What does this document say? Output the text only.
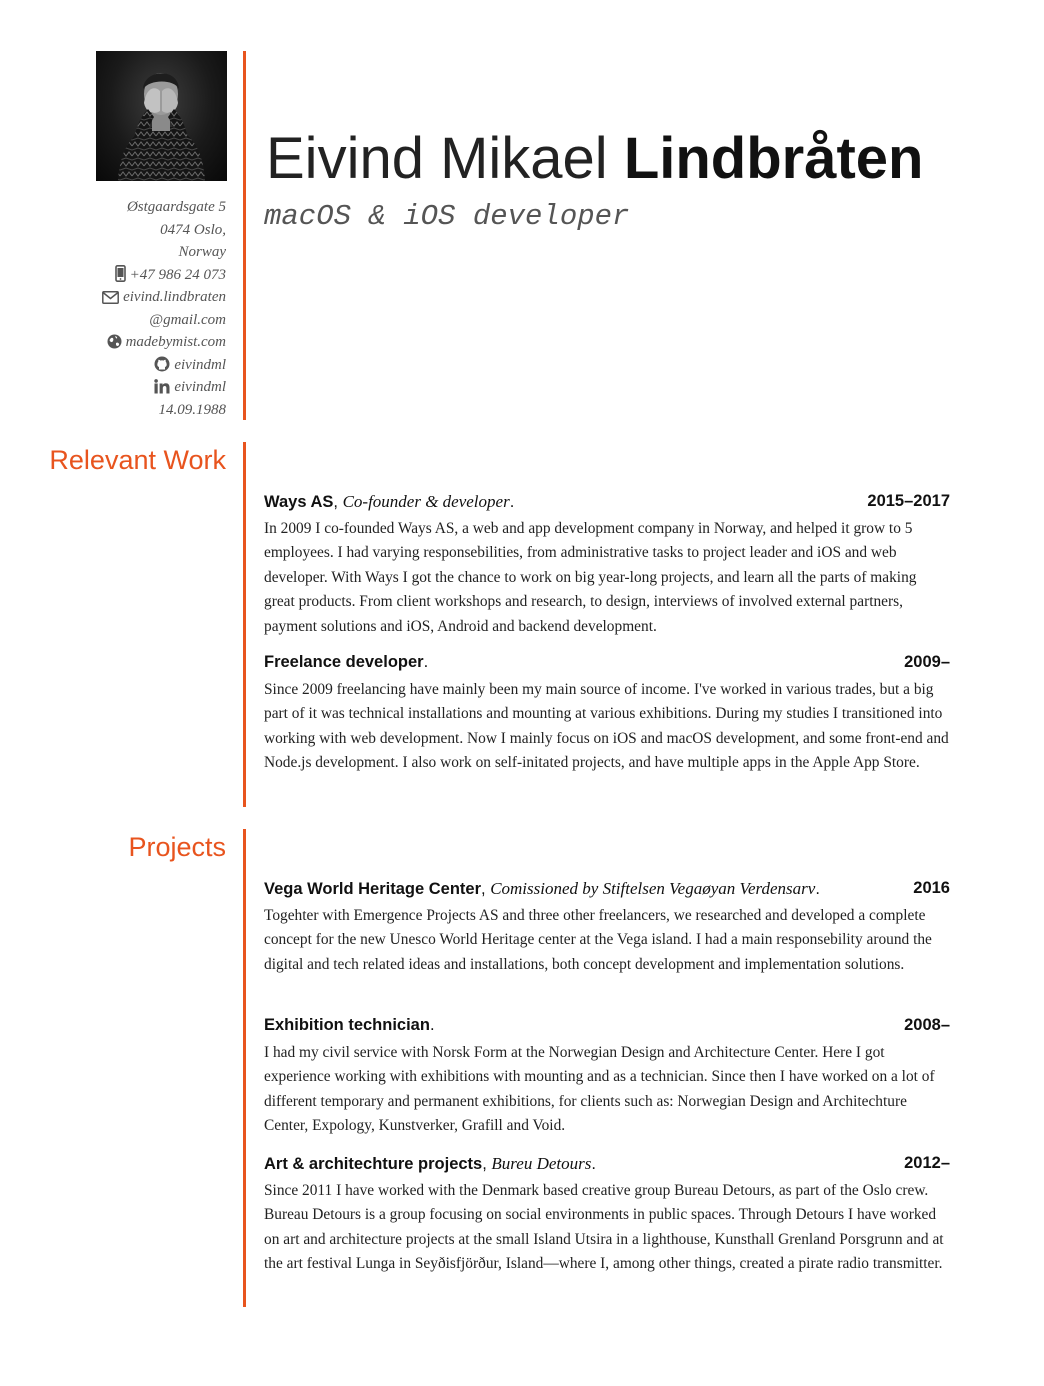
Østgaardsgate 5
0474 Oslo,
Norway
+47 986 24 073
eivind.lindbraten
@gmail.com
madebymist.com
eivindml
eivindml
14.09.1988
Eivind Mikael Lindbråten
macOS & iOS developer
Relevant Work
Ways AS, Co-founder & developer.	2015–2017

In 2009 I co-founded Ways AS, a web and app development company in Norway, and helped it grow to 5 employees. I had varying responsebilities, from administrative tasks to project leader and iOS and web developer. With Ways I got the chance to work on big year-long projects, and learn all the parts of making great products. From client workshops and research, to design, interviews of involved external partners, payment solutions and iOS, Android and backend development.

Freelance developer.	2009–

Since 2009 freelancing have mainly been my main source of income. I've worked in various trades, but a big part of it was technical installations and mounting at various exhibitions. During my studies I transitioned into working with web development. Now I mainly focus on iOS and macOS development, and some front-end and Node.js development. I also work on self-initated projects, and have multiple apps in the Apple App Store.

Projects
Vega World Heritage Center, Comissioned by Stiftelsen Vegaøyan Verdensarv.	2016

Togehter with Emergence Projects AS and three other freelancers, we researched and developed a complete concept for the new Unesco World Heritage center at the Vega island. I had a main responsebility around the digital and tech related ideas and installations, both concept development and implementation solutions.

Exhibition technician.	2008–

I had my civil service with Norsk Form at the Norwegian Design and Architecture Center. Here I got experience working with exhibitions with mounting and as a technician. Since then I have worked on a lot of different temporary and permanent exhibitions, for clients such as: Norwegian Design and Architechture Center, Expology, Kunstverker, Grafill and Void.

Art & architechture projects, Bureu Detours.	2012–

Since 2011 I have worked with the Denmark based creative group Bureau Detours, as part of the Oslo crew. Bureau Detours is a group focusing on social environments in public spaces. Through Detours I have worked on art and architecture projects at the small Island Utsira in a lighthouse, Kunsthall Grenland Porsgrunn and at the art festival Lunga in Seyðisfjörður, Island—where I, among other things, created a pirate radio transmitter.
